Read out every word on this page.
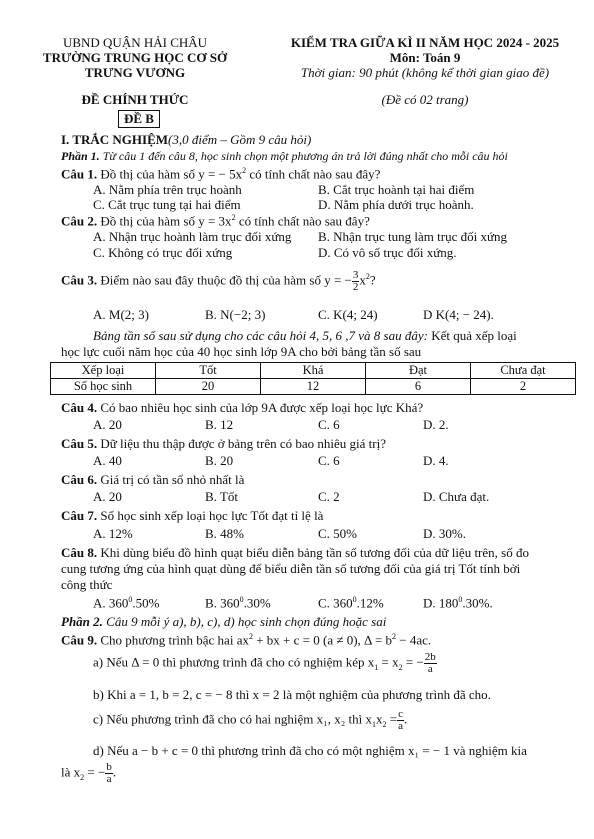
UBND QUẬN HẢI CHÂU
TRƯỜNG TRUNG HỌC CƠ SỞ
TRƯNG VƯƠNG
KIỂM TRA GIỮA KÌ II NĂM HỌC 2024 - 2025
Môn: Toán 9
Thời gian: 90 phút (không kể thời gian giao đề)
ĐỀ CHÍNH THỨC	(Đề có 02 trang)
ĐỀ B
I. TRẮC NGHIỆM(3,0 điểm – Gồm 9 câu hỏi)
Phần 1. Từ câu 1 đến câu 8, học sinh chọn một phương án trả lời đúng nhất cho mỗi câu hỏi
Câu 1. Đồ thị của hàm số y = − $5x^2$ có tính chất nào sau đây?
A. Nằm phía trên trục hoành	B. Cắt trục hoành tại hai điểm
C. Cắt trục tung tại hai điểm	D. Nằm phía dưới trục hoành.
Câu 2. Đồ thị của hàm số $y = 3x^2$ có tính chất nào sau đây?
A. Nhận trục hoành làm trục đối xứng B. Nhận trục tung làm trục đối xứng
C. Không có trục đối xứng	D. Có vô số trục đối xứng.
Câu 3. Điểm nào sau đây thuộc đồ thị của hàm số y = − $\frac{3}{2} x^2$?
A. M(2; 3)	B. N(−2; 3)	C. K(4; 24)	D K(4; − 24).
Bảng tần số sau sử dụng cho các câu hỏi 4, 5, 6 ,7 và 8 sau đây: Kết quả xếp loại
học lực cuối năm học của 40 học sinh lớp 9A cho bởi bảng tần số sau
Xếp loại	Tốt	Khá	Đạt	Chưa đạt
Số học sinh	20	12	6	2
Câu 4. Có bao nhiêu học sinh của lớp 9A được xếp loại học lực Khá?
A. 20	B. 12	C. 6	D. 2.
Câu 5. Dữ liệu thu thập được ở bảng trên có bao nhiêu giá trị?
A. 40	B. 20	C. 6	D. 4.
Câu 6. Giá trị có tần số nhỏ nhất là
A. 20	B. Tốt	C. 2	D. Chưa đạt.
Câu 7. Số học sinh xếp loại học lực Tốt đạt tỉ lệ là
A. 12%	B. 48%	C. 50%	D. 30%.
Câu 8. Khi dùng biểu đồ hình quạt biểu diễn bảng tần số tương đối của dữ liệu trên, số đo
cung tương ứng của hình quạt dùng để biểu diễn tần số tương đối của giá trị Tốt tính bởi
công thức
A. $360^0.50\%$	B. $360^0.30\%$	C. $360^0.12\%$	D. $180^0.30\%$.
Phần 2. Câu 9 mỗi ý a), b), c), d) học sinh chọn đúng hoặc sai
Câu 9. Cho phương trình bậc hai $ax^2$ + bx + c = 0 (a ≠ 0), $\Delta = b^2 - 4ac$.
a) Nếu Δ = 0 thì phương trình đã cho có nghiệm kép $x_1 = x_2$ = − $\frac{2b}{a}$
b) Khi a = 1, b = 2, c = − 8 thì x = 2 là một nghiệm của phương trình đã cho.
c) Nếu phương trình đã cho có hai nghiệm x₁, x₂ thì $x_1x_2 = \frac{c}{a}$ .
d) Nếu a − b + c = 0 thì phương trình đã cho có một nghiệm x₁ = − 1 và nghiệm kia
là $x_2$ = − $\frac{b}{a}$ .
